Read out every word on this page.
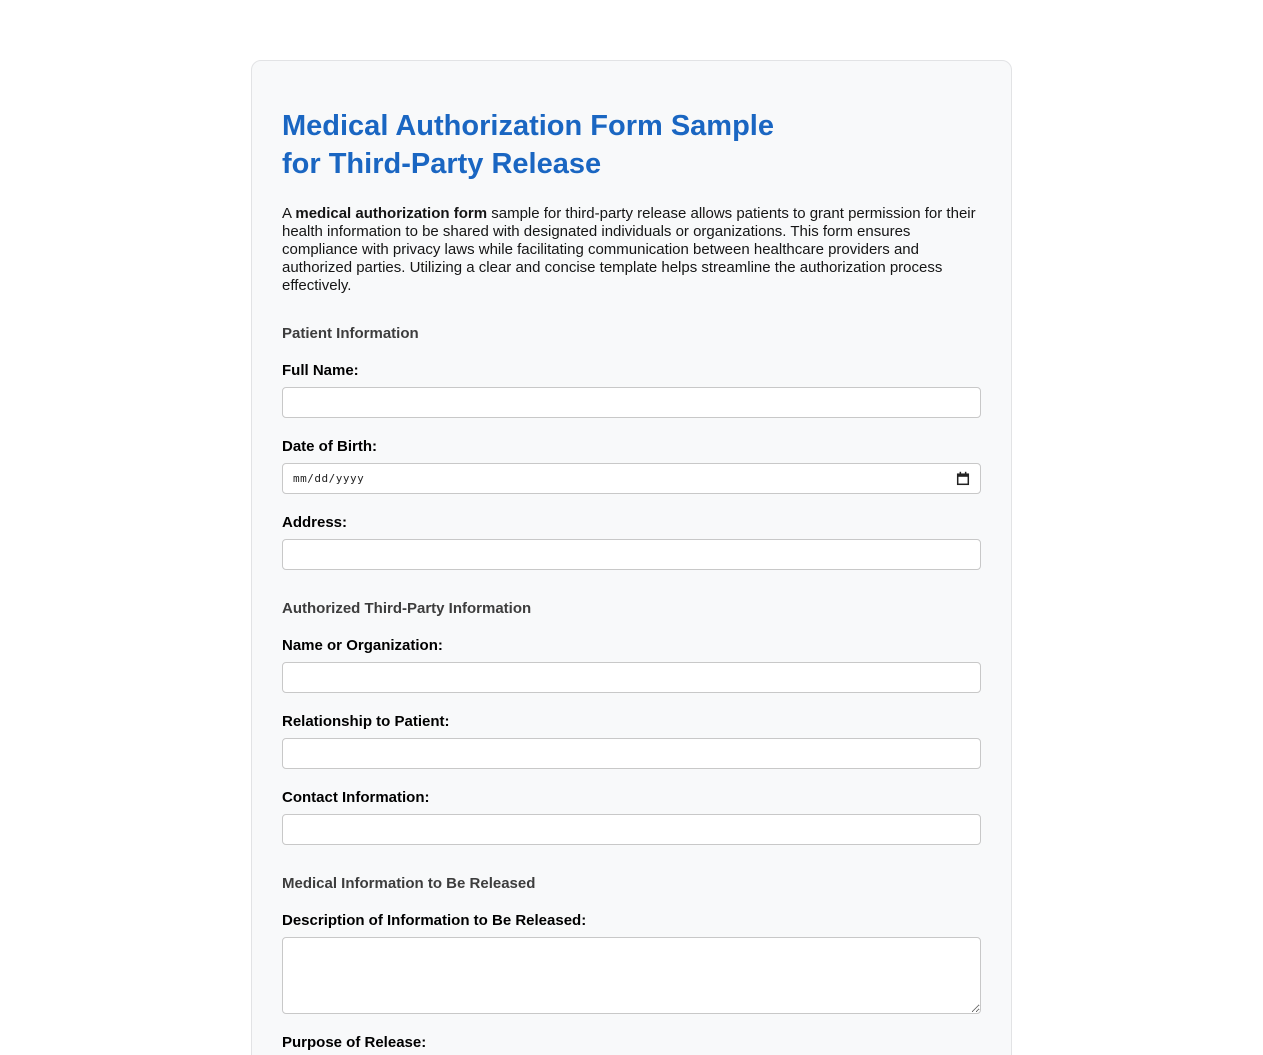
Medical Authorization Form Sample
for Third-Party Release

A medical authorization form sample for third-party release allows patients to grant permission for their health information to be shared with designated individuals or organizations. This form ensures compliance with privacy laws while facilitating communication between healthcare providers and authorized parties. Utilizing a clear and concise template helps streamline the authorization process effectively.

Patient Information
Full Name:
Date of Birth:
mm/dd/yyyy
Address:
Authorized Third-Party Information
Name or Organization:
Relationship to Patient:
Contact Information:
Medical Information to Be Released
Description of Information to Be Released:
Purpose of Release:
